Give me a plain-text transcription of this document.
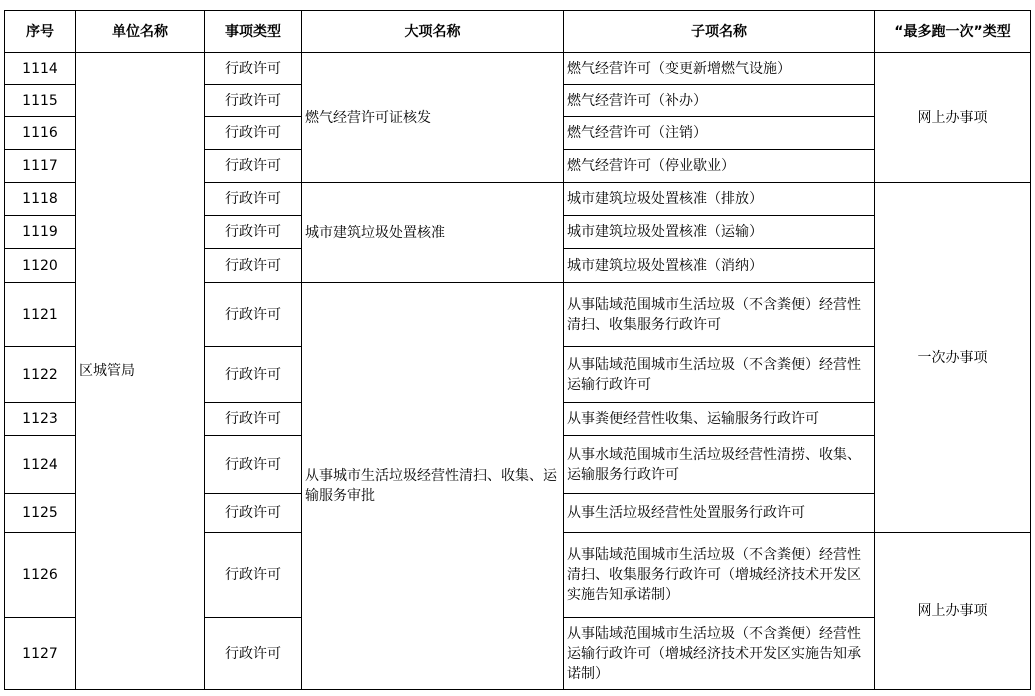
序号	单位名称	事项类型	大项名称	子项名称	“最多跑一次”类型
1114	区城管局	行政许可	燃气经营许可证核发	燃气经营许可（变更新增燃气设施）	网上办事项
1115		行政许可		燃气经营许可（补办）	
1116		行政许可		燃气经营许可（注销）	
1117		行政许可		燃气经营许可（停业歇业）	
1118		行政许可	城市建筑垃圾处置核准	城市建筑垃圾处置核准（排放）	一次办事项
1119		行政许可		城市建筑垃圾处置核准（运输）	
1120		行政许可		城市建筑垃圾处置核准（消纳）	
1121		行政许可	从事城市生活垃圾经营性清扫、收集、运输服务审批	从事陆域范围城市生活垃圾（不含粪便）经营性清扫、收集服务行政许可	
1122		行政许可		从事陆域范围城市生活垃圾（不含粪便）经营性运输行政许可	
1123		行政许可		从事粪便经营性收集、运输服务行政许可	
1124		行政许可		从事水域范围城市生活垃圾经营性清捞、收集、运输服务行政许可	
1125		行政许可		从事生活垃圾经营性处置服务行政许可	
1126		行政许可		从事陆域范围城市生活垃圾（不含粪便）经营性清扫、收集服务行政许可（增城经济技术开发区实施告知承诺制）	网上办事项
1127		行政许可		从事陆域范围城市生活垃圾（不含粪便）经营性运输行政许可（增城经济技术开发区实施告知承诺制）	
